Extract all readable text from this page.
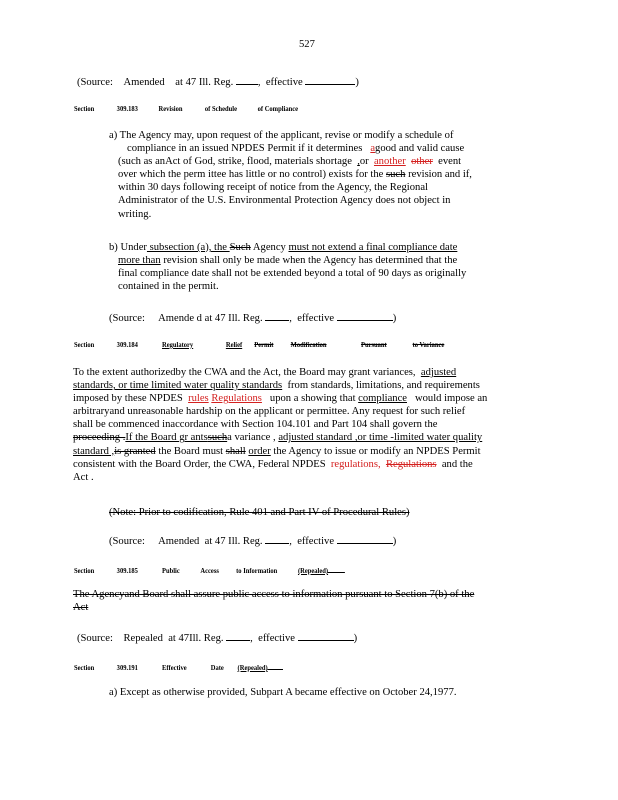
527
(Source: Amended at 47 Ill. Reg. , effective	)
Section	309.183	Revision	of Schedule	of Compliance
a) The Agency may, upon request of the applicant, revise or modify a schedule of
compliance in an issued NPDES Permit if it determines agood and valid cause
(such as anAct of God, strike, flood, materials shortage ,or another other event
over which the perm ittee has little or no control) exists for the such revision and if,
within 30 days following receipt of notice from the Agency, the Regional
Administrator of the U.S. Environmental Protection Agency does not object in
writing.
b) Under subsection (a), the Such Agency must not extend a final compliance date
more than revision shall only be made when the Agency has determined that the
final compliance date shall not be extended beyond a total of 90 days as originally
contained in the permit.
(Source: Amende d at 47 Ill. Reg.	, effective	)
Section	309.184	Regulatory	Relief Permit Modification	Pursuant	to Variance
To the extent authorizedby the CWA and the Act, the Board may grant variances, adjusted
standards, or time limited water quality standards from standards, limitations, and requirements
imposed by these NPDES rules Regulations upon a showing that compliance would impose an
arbitraryand unreasonable hardship on the applicant or permittee. Any request for such relief
shall be commenced inaccordance with Section 104.101 and Part 104 shall govern the
proceeding .If the Board gr antssucha variance , adjusted standard ,or time -limited water quality
standard ,is granted the Board must shall order the Agency to issue or modify an NPDES Permit
consistent with the Board Order, the CWA, Federal NPDES regulations, Regulations and the
Act .
(Note: Prior to codification, Rule 401 and Part IV of Procedural Rules)
(Source: Amended at 47 Ill. Reg.	, effective	)
Section	309.185	Public	Access to Information	(Repealed)
The Agencyand Board shall assure public access to information pursuant to Section 7(b) of the
Act
(Source: Repealed at 47Ill. Reg.	, effective	)
Section	309.191	Effective	Date (Repealed)
a) Except as otherwise provided, Subpart A became effective on October 24,1977.
